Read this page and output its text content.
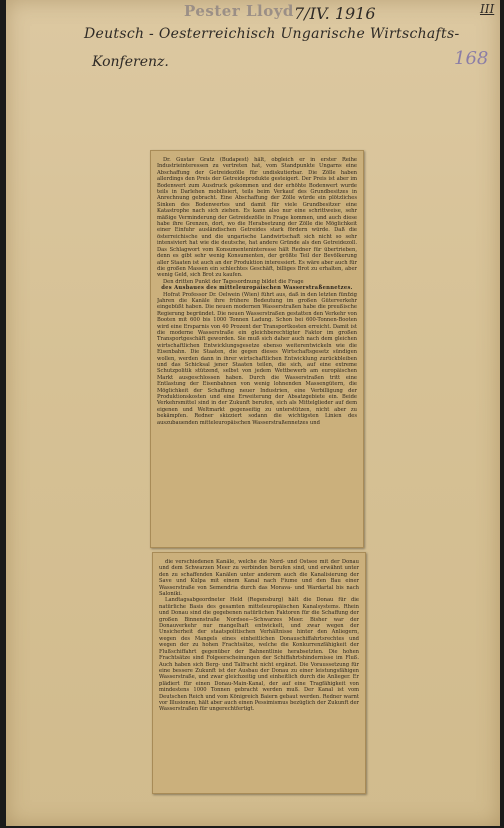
Pester Lloyd 7/IV. 1916	III
Deutsch - Oesterreichisch Ungarische Wirtschafts-
Konferenz.	168

Dr. Gustav Gratz (Budapest) hält, obgleich er in erster Reihe Industrieinteressen zu vertreten hat, vom Standpunkte Ungarns eine Abschaffung der Getreidezölle für undiskutierbar. Die Zölle haben allerdings den Preis der Getreideprodukte gesteigert. Der Preis ist aber im Bodenwert zum Ausdruck gekommen und der erhöhte Bodenwert wurde teils in Darlehen mobilisiert, teils beim Verkauf des Grundbesitzes in Anrechnung gebracht. Eine Abschaffung der Zölle würde ein plötzliches Sinken des Bodenwertes und damit für viele Grundbesitzer eine Katastrophe nach sich ziehen. Es kann also nur eine schrittweise, sehr mäßige Verminderung der Getreidezölle in Frage kommen, und auch diese habe ihre Grenzen, dort, wo die Herabsetzung der Zölle die Möglichkeit einer Einfuhr ausländischen Getreides stark fördern würde. Daß die österreichische und die ungarische Landwirtschaft sich nicht so sehr intensiviert hat wie die deutsche, hat andere Gründe als den Getreidezoll. Das Schlagwort vom Konsumenteninteresse hält Redner für übertrieben, denn es gibt sehr wenig Konsumenten, der größte Teil der Bevölkerung aller Staaten ist auch an der Produktion interessiert. Es wäre aber auch für die großen Massen ein schlechtes Geschäft, billiges Brot zu erhalten, aber wenig Geld, sich Brot zu kaufen.

Den dritten Punkt der Tagesordnung bildet die Frage

des Ausbaues des mitteleuropäischen Wasserstraßennetzes.

Hofrat Professor Dr. Oelwein (Wien) führt aus, daß in den letzten fünfzig Jahren die Kanäle ihre frühere Bedeutung im großen Güterverkehr eingebüßt haben. Die neuen modernen Wasserstraßen habe die preußische Regierung begründet. Die neuen Wasserstraßen gestatten den Verkehr von Booten mit 600 bis 1000 Tonnen Ladung. Schon bei 600-Tonnen-Booten wird eine Ersparnis von 40 Prozent der Transportkosten erreicht. Damit ist die moderne Wasserstraße ein gleichberechtigter Faktor im großen Transportgeschäft geworden. Sie muß sich daher auch nach dem gleichen wirtschaftlichen Entwicklungsgesetze ebenso weiterentwickeln wie die Eisenbahn. Die Staaten, die gegen dieses Wirtschaftsgesetz sündigen wollen, werden dann in ihrer wirtschaftlichen Entwicklung zurückbleiben und das Schicksal jener Staaten teilen, die sich, auf eine extreme Schutzpolitik stützend, selbst von jedem Wettbewerb am europäischen Markt ausgeschlossen haben. Durch die Wasserstraßen tritt eine Entlastung der Eisenbahnen von wenig lohnenden Massengütern, die Möglichkeit der Schaffung neuer Industrien, eine Verbilligung der Produktionskosten und eine Erweiterung der Absatzgebiete ein. Beide Verkehrsmittel sind in der Zukunft berufen, sich als Mittelglieder auf dem eigenen und Weltmarkt gegenseitig zu unterstützen, nicht aber zu bekämpfen. Redner skizziert sodann die wichtigsten Linien des auszubauenden mitteleuropäischen Wasserstraßennetzes und

die verschiedenen Kanäle, welche die Nord- und Ostsee mit der Donau und dem Schwarzen Meer zu verbinden berufen sind, und erwähnt unter den zu schaffenden Kanälen unter anderem auch die Kanalisierung der Save und Kulpa mit einem Kanal nach Fiume und den Bau einer Wasserstraße von Semendria durch das Morava- und Wardartal bis nach Saloniki.

Landtagsabgeordneter Held (Regensburg) hält die Donau für die natürliche Basis des gesamten mitteleuropäischen Kanalsystems. Rhein und Donau sind die gegebenen natürlichen Faktoren für die Schaffung der großen Binnenstraße Nordsee—Schwarzes Meer. Bisher war der Donauverkehr nur mangelhaft entwickelt, und zwar wegen der Unsicherheit der staatspolitischen Verhältnisse hinter den Anliegern, wegen des Mangels eines einheitlichen Donauschiffahrtsrechtes und wegen der zu hohen Frachtsätze, welche die Konkurrenzfähigkeit der Flußschiffahrt gegenüber der Bahnentlinie herabsetzten. Die hohen Frachtsätze sind Folgeerscheinungen der Schiffahrtshindernisse im Fluß. Auch haben sich Berg- und Talfracht nicht ergänzt. Die Voraussetzung für eine bessere Zukunft ist der Ausbau der Donau zu einer leistungsfähigen Wasserstraße, und zwar gleichzeitig und einheitlich durch die Anlieger. Er plädiert für einen Donau-Main-Kanal, der auf eine Tragfähigkeit von mindestens 1000 Tonnen gebracht werden muß. Der Kanal ist vom Deutschen Reich und vom Königreich Baiern gebaut werden. Redner warnt vor Illusionen, hält aber auch einen Pessimismus bezüglich der Zukunft der Wasserstraßen für ungerechtfertigt.
